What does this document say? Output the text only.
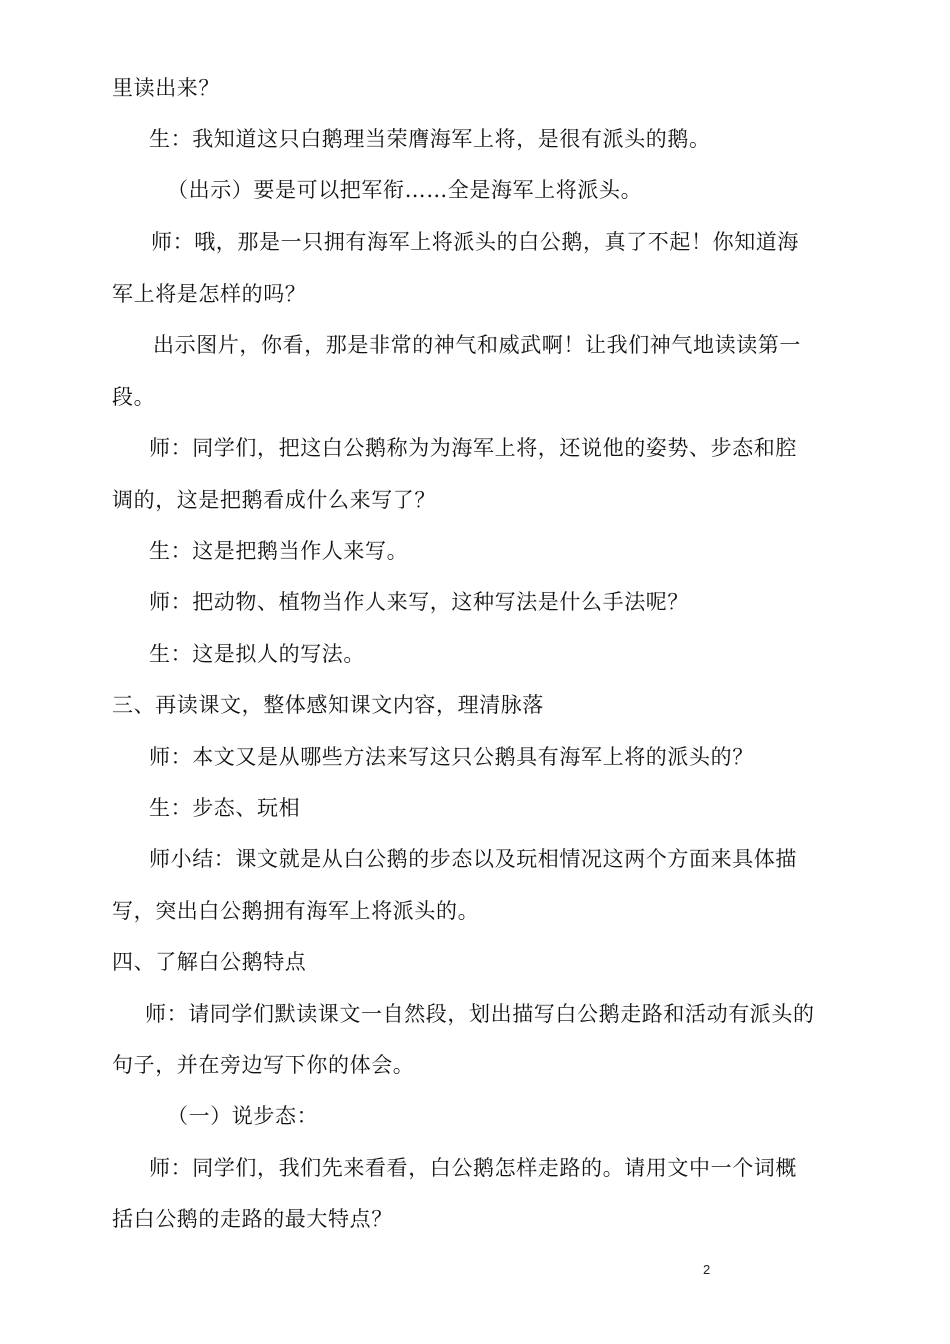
里读出来？
生：我知道这只白鹅理当荣膺海军上将，是很有派头的鹅。
（出示）要是可以把军衔……全是海军上将派头。
师：哦，那是一只拥有海军上将派头的白公鹅，真了不起！你知道海
军上将是怎样的吗？
出示图片，你看，那是非常的神气和威武啊！让我们神气地读读第一
段。
师：同学们，把这白公鹅称为为海军上将，还说他的姿势、步态和腔
调的，这是把鹅看成什么来写了？
生：这是把鹅当作人来写。
师：把动物、植物当作人来写，这种写法是什么手法呢？
生：这是拟人的写法。
三、再读课文，整体感知课文内容，理清脉落
师：本文又是从哪些方法来写这只公鹅具有海军上将的派头的？
生：步态、玩相
师小结：课文就是从白公鹅的步态以及玩相情况这两个方面来具体描
写，突出白公鹅拥有海军上将派头的。
四、了解白公鹅特点
师：请同学们默读课文一自然段，划出描写白公鹅走路和活动有派头的
句子，并在旁边写下你的体会。
（一）说步态：
师：同学们，我们先来看看，白公鹅怎样走路的。请用文中一个词概
括白公鹅的走路的最大特点？
2
